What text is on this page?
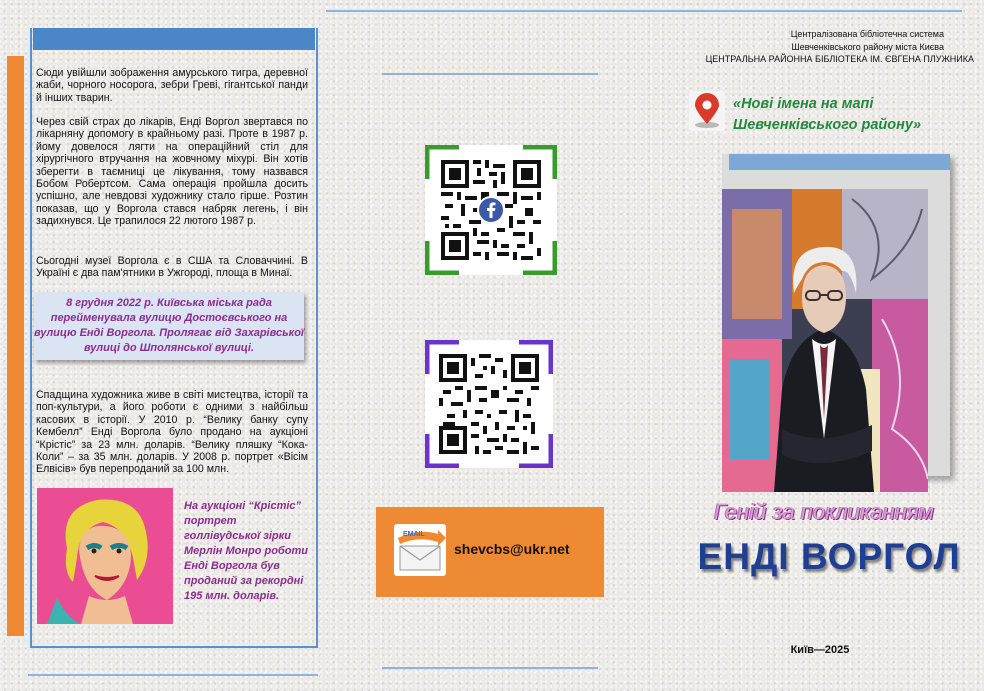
Сюди увійшли зображення амурського тигра, деревної жаби, чорного носорога, зебри Греві, гігантської панди й інших тварин.

Через свій страх до лікарів, Енді Воргол звертався по лікарняну допомогу в крайньому разі. Проте в 1987 р. йому довелося лягти на операційний стіл для хірургічного втручання на жовчному міхурі. Він хотів зберегти в таємниці це лікування, тому назвався Бобом Робертсом. Сама операція пройшла досить успішно, але невдовзі художнику стало гірше. Розтин показав, що у Воргола стався набряк легень, і він задихнувся. Це трапилося 22 лютого 1987 р.

Сьогодні музеї Воргола є в США та Словаччині. В Україні є два пам'ятники в Ужгороді, площа в Минаї.

8 грудня 2022 р. Київська міська рада перейменувала вулицю Достоєвського на вулицю Енді Воргола. Пролягає від Захарівської вулиці до Шполянської вулиці.

Спадщина художника живе в світі мистецтва, історії та поп-культури, а його роботи є одними з найбільш касових в історії. У 2010 р. “Велику банку супу Кембелл” Енді Воргола було продано на аукціоні “Крістіс” за 23 млн. доларів. “Велику пляшку “Кока-Коли” – за 35 млн. доларів. У 2008 р. портрет «Вісім Елвісів» був перепроданий за 100 млн.

На аукціоні “Крістіс” портрет голлівудської зірки Мерлін Монро роботи Енді Воргола був проданий за рекордні 195 млн. доларів.

EMAIL
shevcbs@ukr.net
Централізована бібліотечна система
Шевченківського району міста Києва
ЦЕНТРАЛЬНА РАЙОННА БІБЛІОТЕКА ІМ. ЄВГЕНА ПЛУЖНИКА
«Нові імена на мапі
Шевченківського району»
Геній за покликанням
ЕНДІ ВОРГОЛ
Київ—2025
